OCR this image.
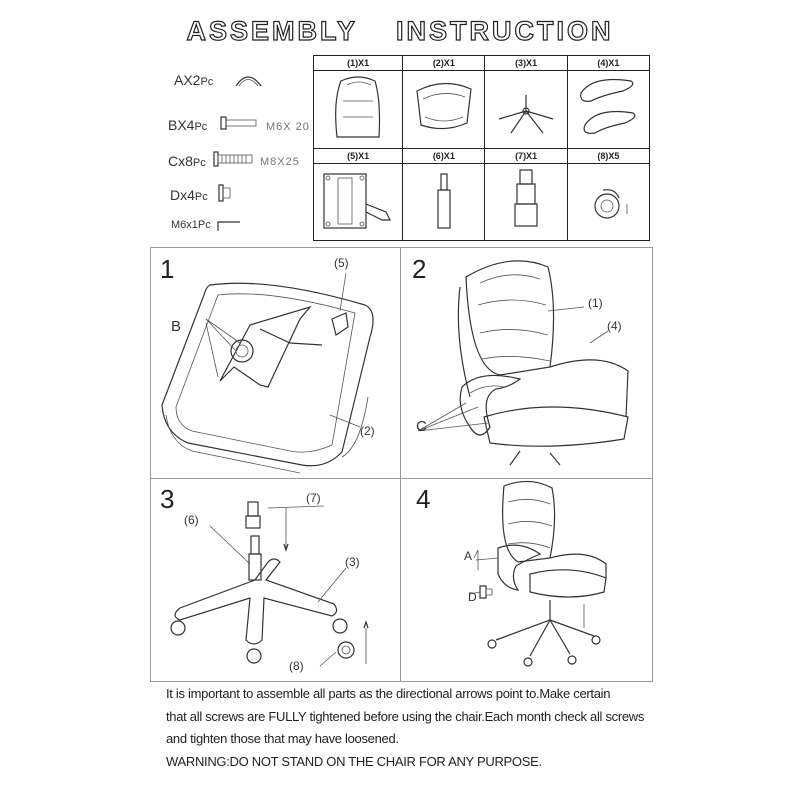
ASSEMBLY INSTRUCTION
AX2Pc
BX4Pc	M6X 20
Cx8Pc	M8X25
Dx4Pc
M6x1Pc
(1)X1	(2)X1	(3)X1	(4)X1

(5)X1	(6)X1	(7)X1	(8)X5
1	2
3	4
B
(5)
(2)
(1)
(4)
C
(6)
(7)
(3)
(8)
A
D
It is important to assemble all parts as the directional arrows point to.Make certain
that all screws are FULLY tightened before using the chair.Each month check all screws
and tighten those that may have loosened.
WARNING:DO NOT STAND ON THE CHAIR FOR ANY PURPOSE.
